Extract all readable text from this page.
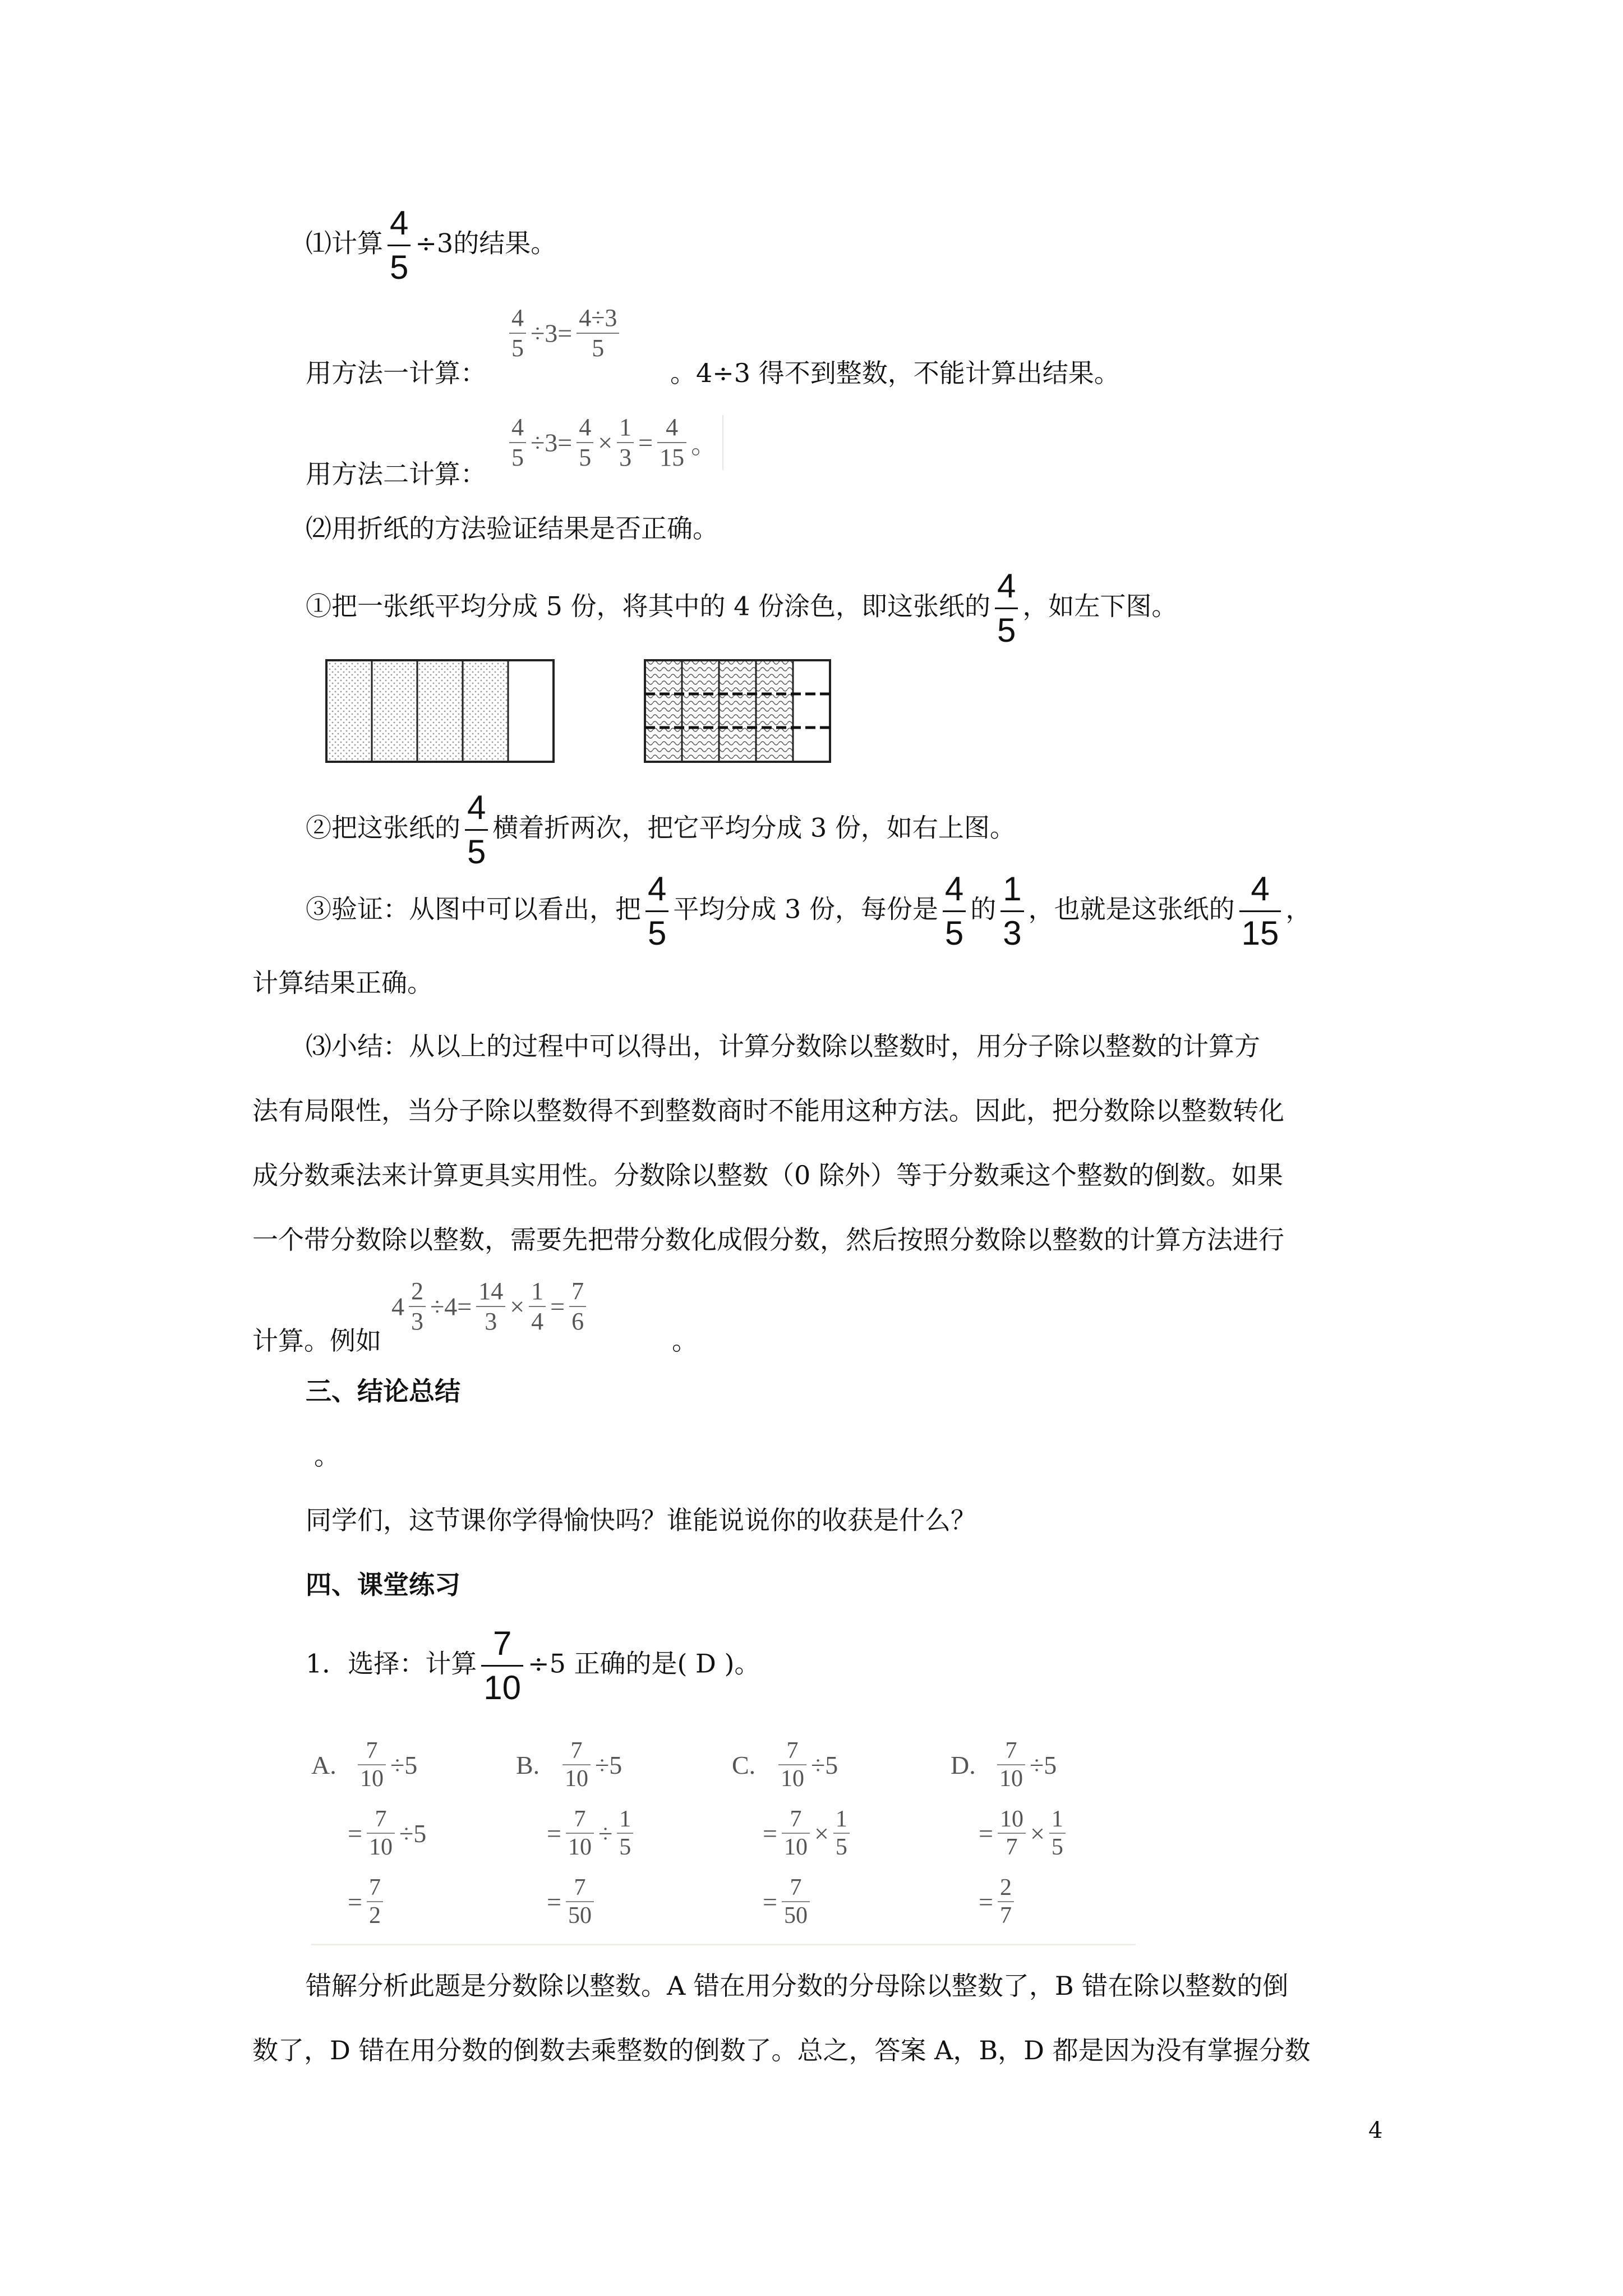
⑴计算 $\frac{4}{5} \div 3$的结果。
用方法一计算：
$\frac{4}{5} \div 3= \frac{4\div 3}{5}$
。4÷3 得不到整数，不能计算出结果。
用方法二计算：
$\frac{4}{5} \div 3= \frac{4}{5} \times \frac{1}{3} = \frac{4}{15}$ 。
⑵用折纸的方法验证结果是否正确。
①把一张纸平均分成 5 份，将其中的 4 份涂色，即这张纸的 $\frac{4}{5}$ ，如左下图。
②把这张纸的 $\frac{4}{5}$ 横着折两次，把它平均分成 3 份，如右上图。
③验证：从图中可以看出，把 $\frac{4}{5}$ 平均分成 3 份，每份是 $\frac{4}{5}$ 的 $\frac{1}{3}$ ，也就是这张纸的 $\frac{4}{15}$ ，
计算结果正确。
⑶小结：从以上的过程中可以得出，计算分数除以整数时，用分子除以整数的计算方
法有局限性，当分子除以整数得不到整数商时不能用这种方法。因此，把分数除以整数转化
成分数乘法来计算更具实用性。分数除以整数（0 除外）等于分数乘这个整数的倒数。如果
一个带分数除以整数，需要先把带分数化成假分数，然后按照分数除以整数的计算方法进行
计算。例如
$4 \frac{2}{3} \div 4= \frac{14}{3} \times \frac{1}{4} = \frac{7}{6}$
。
三、结论总结
。
同学们，这节课你学得愉快吗？谁能说说你的收获是什么？
四、课堂练习
1．选择：计算 $\frac{7}{10} \div 5$ 正确的是( D )。
A. $\frac{7}{10} \div 5$
= $\frac{7}{10} \div 5$
= $\frac{7}{2}$
B. $\frac{7}{10} \div 5$
= $\frac{7}{10} \div \frac{1}{5}$
= $\frac{7}{50}$
C. $\frac{7}{10} \div 5$
= $\frac{7}{10} \times \frac{1}{5}$
= $\frac{7}{50}$
D. $\frac{7}{10} \div 5$
= $\frac{10}{7} \times \frac{1}{5}$
= $\frac{2}{7}$
错解分析此题是分数除以整数。A 错在用分数的分母除以整数了，B 错在除以整数的倒
数了，D 错在用分数的倒数去乘整数的倒数了。总之，答案 A，B，D 都是因为没有掌握分数
4
